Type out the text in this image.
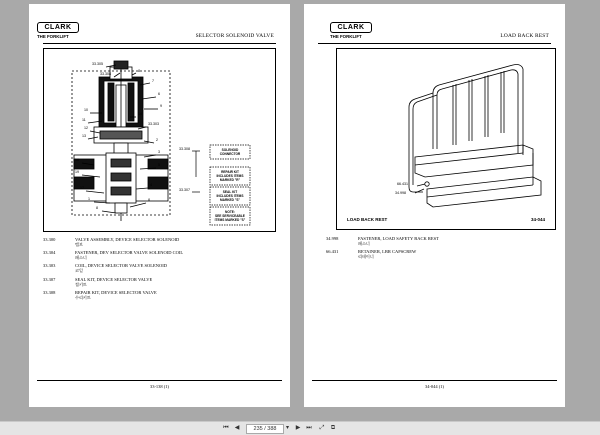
CLARK
THE FORKLIFT	SELECTOR SOLENOID VALVE
33.305
33.308
8
7
6
9
10
11
12
13
14
33.303
2
3
5
4
8
16
19
17
1
8
33.308
33.307
SOLENOID
CONNECTOR
REPAIR KIT
INCLUDES ITEMS
MARKED "R"
SEAL KIT
INCLUDES ITEMS
MARKED "S"
NOTE:
SEE SERVICEABLE
ITEMS MARKED "S"
33.300	VALVE ASSEMBLY, DEVICE SELECTOR SOLENOID
밸브
33.304	FASTENER, DEV SELECTOR VALVE SOLENOID COIL
패스너
33.303	COIL, DEVICE SELECTOR VALVE SOLENOID
코일
33.307	SEAL KIT, DEVICE SELECTOR VALVE
씰키트
33.308	REPAIR KIT, DEVICE SELECTOR VALVE
수리키트
33-138 (1)
CLARK
THE FORKLIFT	LOAD BACK REST
66.431
34.998
LOAD BACK REST	34-044
34.998	FASTENER, LOAD SAFETY BACK REST
패스너
66.431	RETAINER, LBR CAPSCREW
리테이너
34-044 (1)
⏮ ◀	235 / 388	▾	▶ ⏭ ⤢	⧉
